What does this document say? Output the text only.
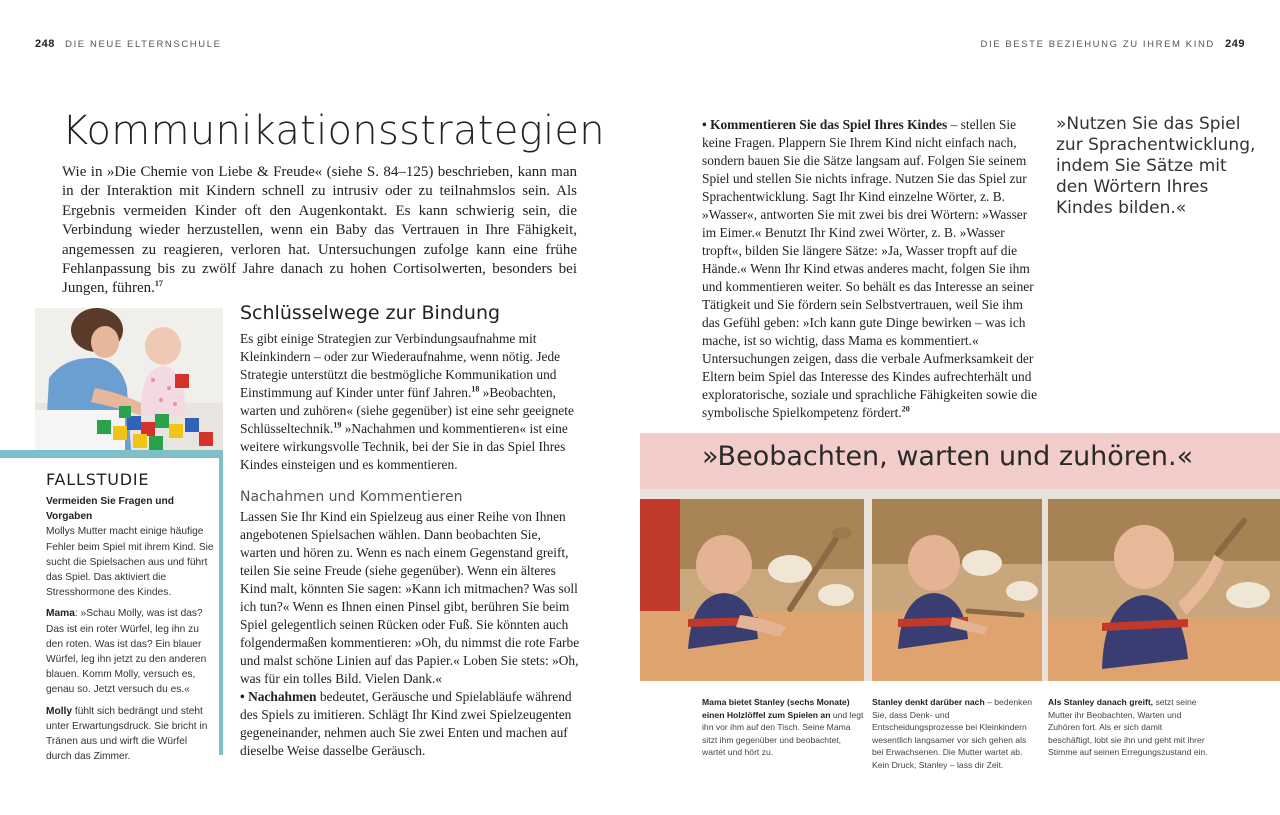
248 DIE NEUE ELTERNSCHULE	DIE BESTE BEZIEHUNG ZU IHREM KIND 249
Kommunikationsstrategien
Wie in »Die Chemie von Liebe & Freude« (siehe S. 84–125) beschrieben, kann man in der Interaktion mit Kindern schnell zu intrusiv oder zu teilnahmslos sein. Als Ergebnis vermeiden Kinder oft den Augenkontakt. Es kann schwierig sein, die Verbindung wieder herzustellen, wenn ein Baby das Vertrauen in Ihre Fähigkeit, angemessen zu reagieren, verloren hat. Untersuchungen zufolge kann eine frühe Fehlanpassung bis zu zwölf Jahre danach zu hohen Cortisolwerten, besonders bei Jungen, führen.$^{17}$
FALLSTUDIE

Vermeiden Sie Fragen und Vorgaben

Mollys Mutter macht einige häufige Fehler beim Spiel mit ihrem Kind. Sie sucht die Spielsachen aus und führt das Spiel. Das aktiviert die Stresshormone des Kindes.

Mama: »Schau Molly, was ist das? Das ist ein roter Würfel, leg ihn zu den roten. Was ist das? Ein blauer Würfel, leg ihn jetzt zu den anderen blauen. Komm Molly, versuch es, genau so. Jetzt versuch du es.«

Molly fühlt sich bedrängt und steht unter Erwartungsdruck. Sie bricht in Tränen aus und wirft die Würfel durch das Zimmer.

Schlüsselwege zur Bindung

Es gibt einige Strategien zur Verbindungsaufnahme mit Kleinkindern – oder zur Wiederaufnahme, wenn nötig. Jede Strategie unterstützt die bestmögliche Kommunikation und Einstimmung auf Kinder unter fünf Jahren.$^{18}$ »Beobachten, warten und zuhören« (siehe gegenüber) ist eine sehr geeignete Schlüsseltechnik.$^{19}$ »Nachahmen und kommentieren« ist eine weitere wirkungsvolle Technik, bei der Sie in das Spiel Ihres Kindes einsteigen und es kommentieren.

Nachahmen und Kommentieren

Lassen Sie Ihr Kind ein Spielzeug aus einer Reihe von Ihnen angebotenen Spielsachen wählen. Dann beobachten Sie, warten und hören zu. Wenn es nach einem Gegenstand greift, teilen Sie seine Freude (siehe gegenüber). Wenn ein älteres Kind malt, könnten Sie sagen: »Kann ich mitmachen? Was soll ich tun?« Wenn es Ihnen einen Pinsel gibt, berühren Sie beim Spiel gelegentlich seinen Rücken oder Fuß. Sie könnten auch folgendermaßen kommentieren: »Oh, du nimmst die rote Farbe und malst schöne Linien auf das Papier.« Loben Sie stets: »Oh, was für ein tolles Bild. Vielen Dank.«

• Nachahmen bedeutet, Geräusche und Spielabläufe während des Spiels zu imitieren. Schlägt Ihr Kind zwei Spielzeugenten gegeneinander, nehmen auch Sie zwei Enten und machen auf dieselbe Weise dasselbe Geräusch.

• Kommentieren Sie das Spiel Ihres Kindes – stellen Sie keine Fragen. Plappern Sie Ihrem Kind nicht einfach nach, sondern bauen Sie die Sätze langsam auf. Folgen Sie seinem Spiel und stellen Sie nichts infrage. Nutzen Sie das Spiel zur Sprachentwicklung. Sagt Ihr Kind einzelne Wörter, z. B. »Wasser«, antworten Sie mit zwei bis drei Wörtern: »Wasser im Eimer.« Benutzt Ihr Kind zwei Wörter, z. B. »Wasser tropft«, bilden Sie längere Sätze: »Ja, Wasser tropft auf die Hände.« Wenn Ihr Kind etwas anderes macht, folgen Sie ihm und kommentieren weiter. So behält es das Interesse an seiner Tätigkeit und Sie fördern sein Selbstvertrauen, weil Sie ihm das Gefühl geben: »Ich kann gute Dinge bewirken – was ich mache, ist so wichtig, dass Mama es kommentiert.« Untersuchungen zeigen, dass die verbale Aufmerksamkeit der Eltern beim Spiel das Interesse des Kindes aufrechterhält und exploratorische, soziale und sprachliche Fähigkeiten sowie die symbolische Spielkompetenz fördert.$^{20}$
»Nutzen Sie das Spiel zur Sprachentwicklung, indem Sie Sätze mit den Wörtern Ihres Kindes bilden.«
»Beobachten, warten und zuhören.«
Mama bietet Stanley (sechs Monate) einen Holzlöffel zum Spielen an und legt ihn vor ihm auf den Tisch. Seine Mama sitzt ihm gegenüber und beobachtet, wartet und hört zu.
Stanley denkt darüber nach – bedenken Sie, dass Denk- und Entscheidungsprozesse bei Kleinkindern wesentlich langsamer vor sich gehen als bei Erwachsenen. Die Mutter wartet ab. Kein Druck, Stanley – lass dir Zeit.
Als Stanley danach greift, setzt seine Mutter ihr Beobachten, Warten und Zuhören fort. Als er sich damit beschäftigt, lobt sie ihn und geht mit ihrer Stimme auf seinen Erregungszustand ein.
